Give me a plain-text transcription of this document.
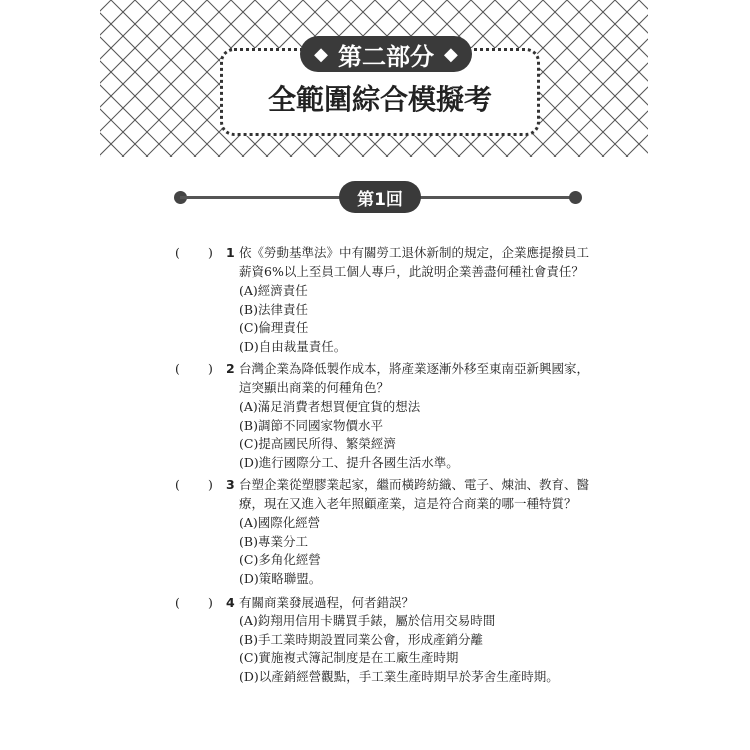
◆ 第二部分 ◆
全範圍綜合模擬考
第1回
( ) 1 依《勞動基準法》中有關勞工退休新制的規定，企業應提撥員工薪資6%以上至員工個人專戶，此說明企業善盡何種社會責任？
(A)經濟責任
(B)法律責任
(C)倫理責任
(D)自由裁量責任。
( ) 2 台灣企業為降低製作成本，將產業逐漸外移至東南亞新興國家，這突顯出商業的何種角色？
(A)滿足消費者想買便宜貨的想法
(B)調節不同國家物價水平
(C)提高國民所得、繁榮經濟
(D)進行國際分工、提升各國生活水準。
( ) 3 台塑企業從塑膠業起家，繼而橫跨紡織、電子、煉油、教育、醫療，現在又進入老年照顧產業，這是符合商業的哪一種特質？
(A)國際化經營
(B)專業分工
(C)多角化經營
(D)策略聯盟。
( ) 4 有關商業發展過程，何者錯誤？
(A)鈞翔用信用卡購買手錶，屬於信用交易時間
(B)手工業時期設置同業公會，形成產銷分離
(C)實施複式簿記制度是在工廠生產時期
(D)以產銷經營觀點，手工業生產時期早於茅舍生產時期。
